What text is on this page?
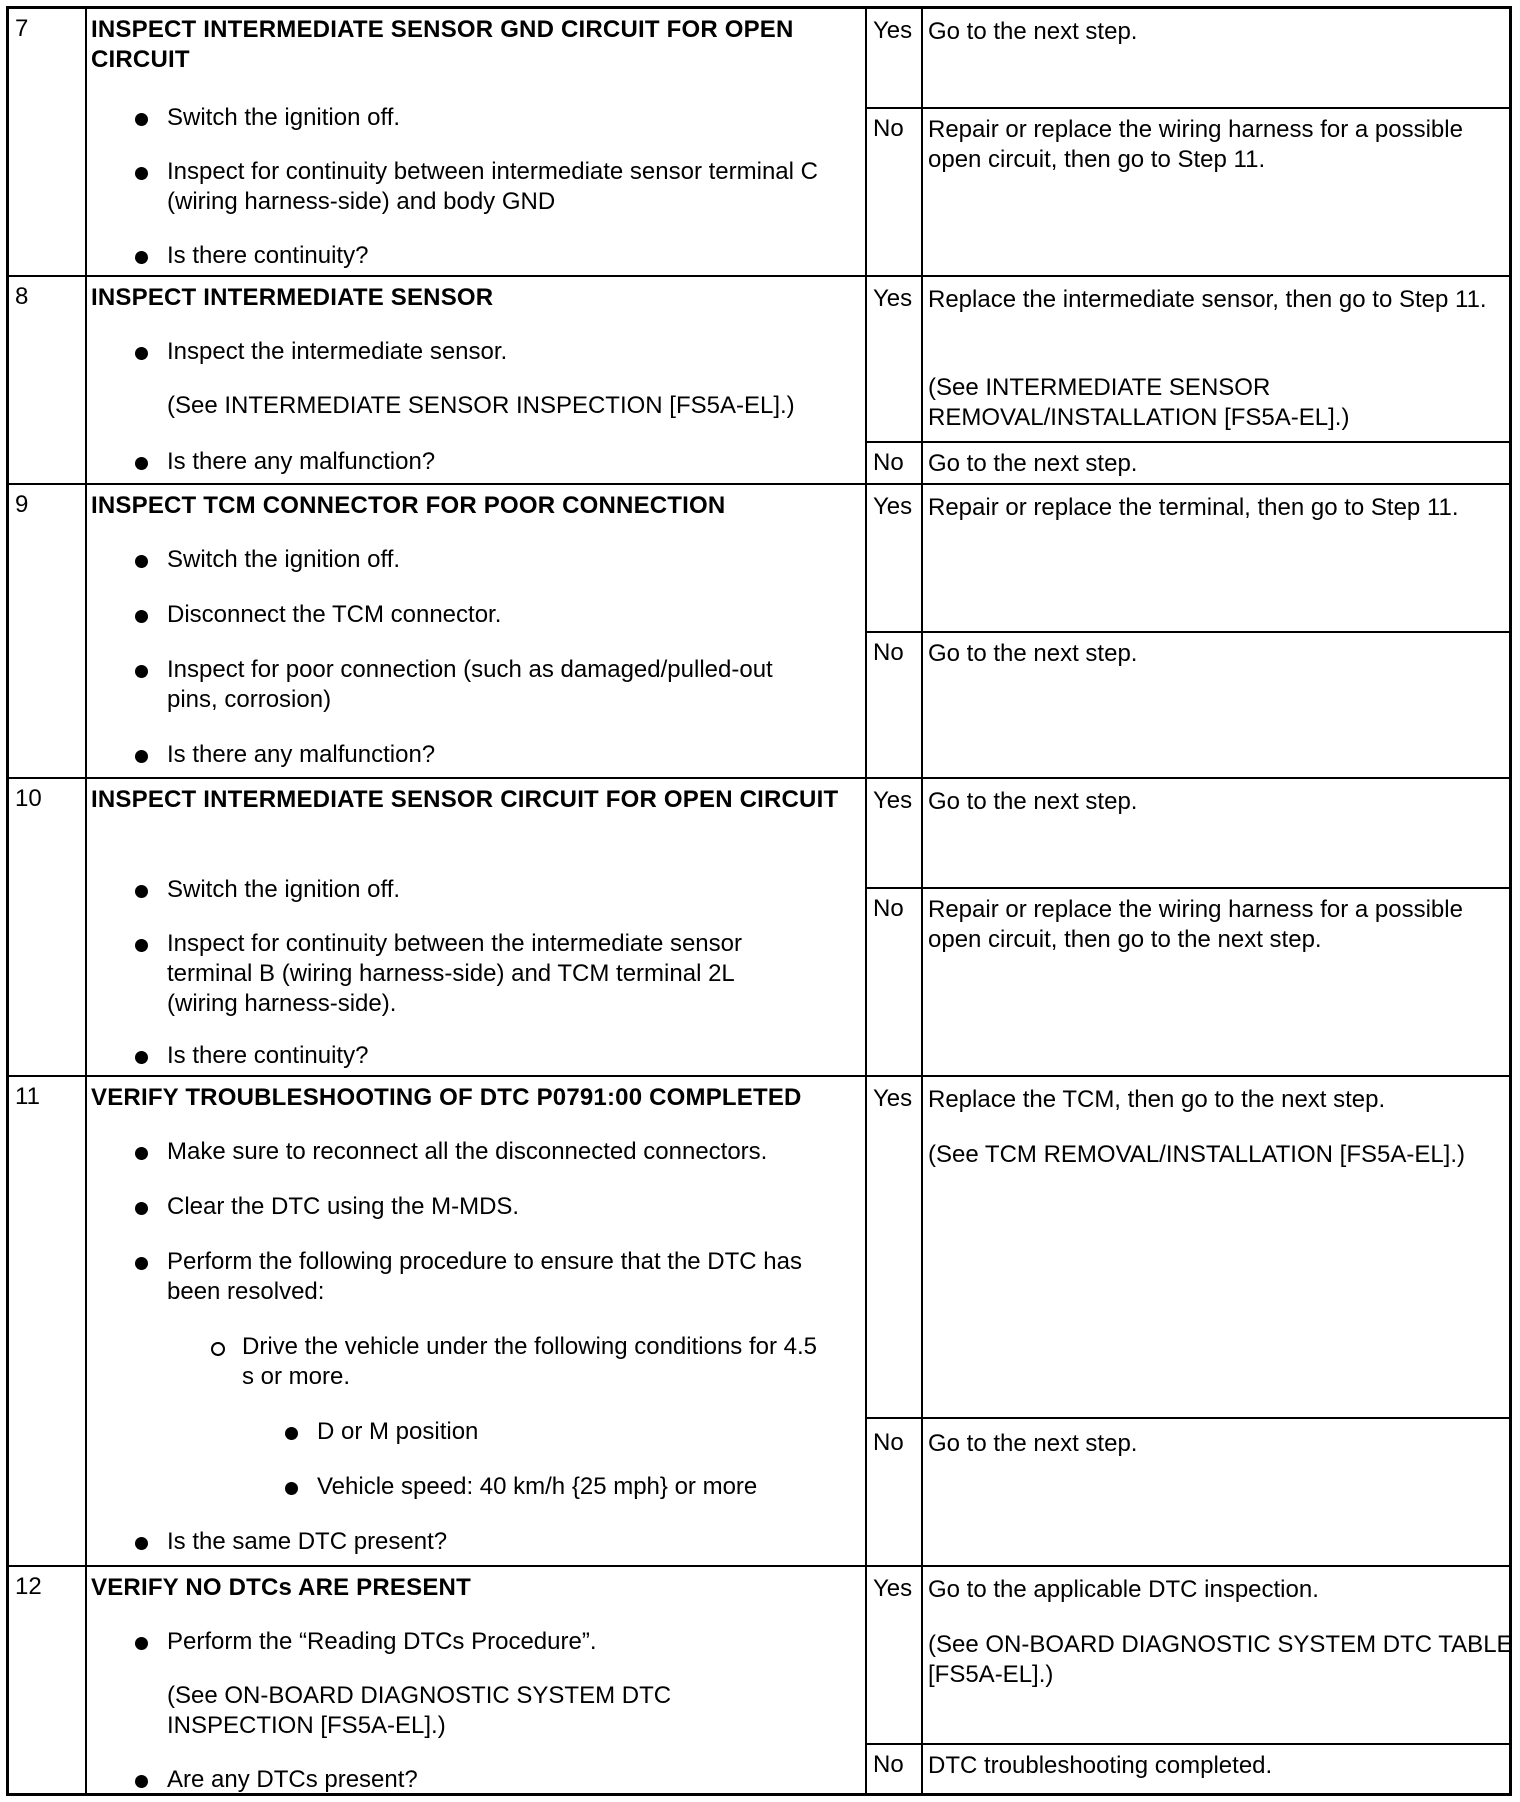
7	INSPECT INTERMEDIATE SENSOR GND CIRCUIT FOR OPEN CIRCUIT
Switch the ignition off.
Inspect for continuity between intermediate sensor terminal C (wiring harness-side) and body GND
Is there continuity?
Yes Go to the next step.
No Repair or replace the wiring harness for a possible open circuit, then go to Step 11.
8	INSPECT INTERMEDIATE SENSOR
Inspect the intermediate sensor.
(See INTERMEDIATE SENSOR INSPECTION [FS5A-EL].)
Is there any malfunction?
Yes Replace the intermediate sensor, then go to Step 11.
(See INTERMEDIATE SENSOR REMOVAL/INSTALLATION [FS5A-EL].)
No Go to the next step.
9	INSPECT TCM CONNECTOR FOR POOR CONNECTION
Switch the ignition off.
Disconnect the TCM connector.
Inspect for poor connection (such as damaged/pulled-out pins, corrosion)
Is there any malfunction?
Yes Repair or replace the terminal, then go to Step 11.
No Go to the next step.
10 INSPECT INTERMEDIATE SENSOR CIRCUIT FOR OPEN CIRCUIT
Switch the ignition off.
Inspect for continuity between the intermediate sensor terminal B (wiring harness-side) and TCM terminal 2L (wiring harness-side).
Is there continuity?
Yes Go to the next step.
No Repair or replace the wiring harness for a possible open circuit, then go to the next step.
11 VERIFY TROUBLESHOOTING OF DTC P0791:00 COMPLETED
Make sure to reconnect all the disconnected connectors.
Clear the DTC using the M-MDS.
Perform the following procedure to ensure that the DTC has been resolved:
Drive the vehicle under the following conditions for 4.5 s or more.
D or M position
Vehicle speed: 40 km/h {25 mph} or more
Is the same DTC present?
Yes Replace the TCM, then go to the next step.
(See TCM REMOVAL/INSTALLATION [FS5A-EL].)
No Go to the next step.
12 VERIFY NO DTCs ARE PRESENT
Perform the “Reading DTCs Procedure”.
(See ON-BOARD DIAGNOSTIC SYSTEM DTC INSPECTION [FS5A-EL].)
Are any DTCs present?
Yes Go to the applicable DTC inspection.
(See ON-BOARD DIAGNOSTIC SYSTEM DTC TABLE [FS5A-EL].)
No DTC troubleshooting completed.
